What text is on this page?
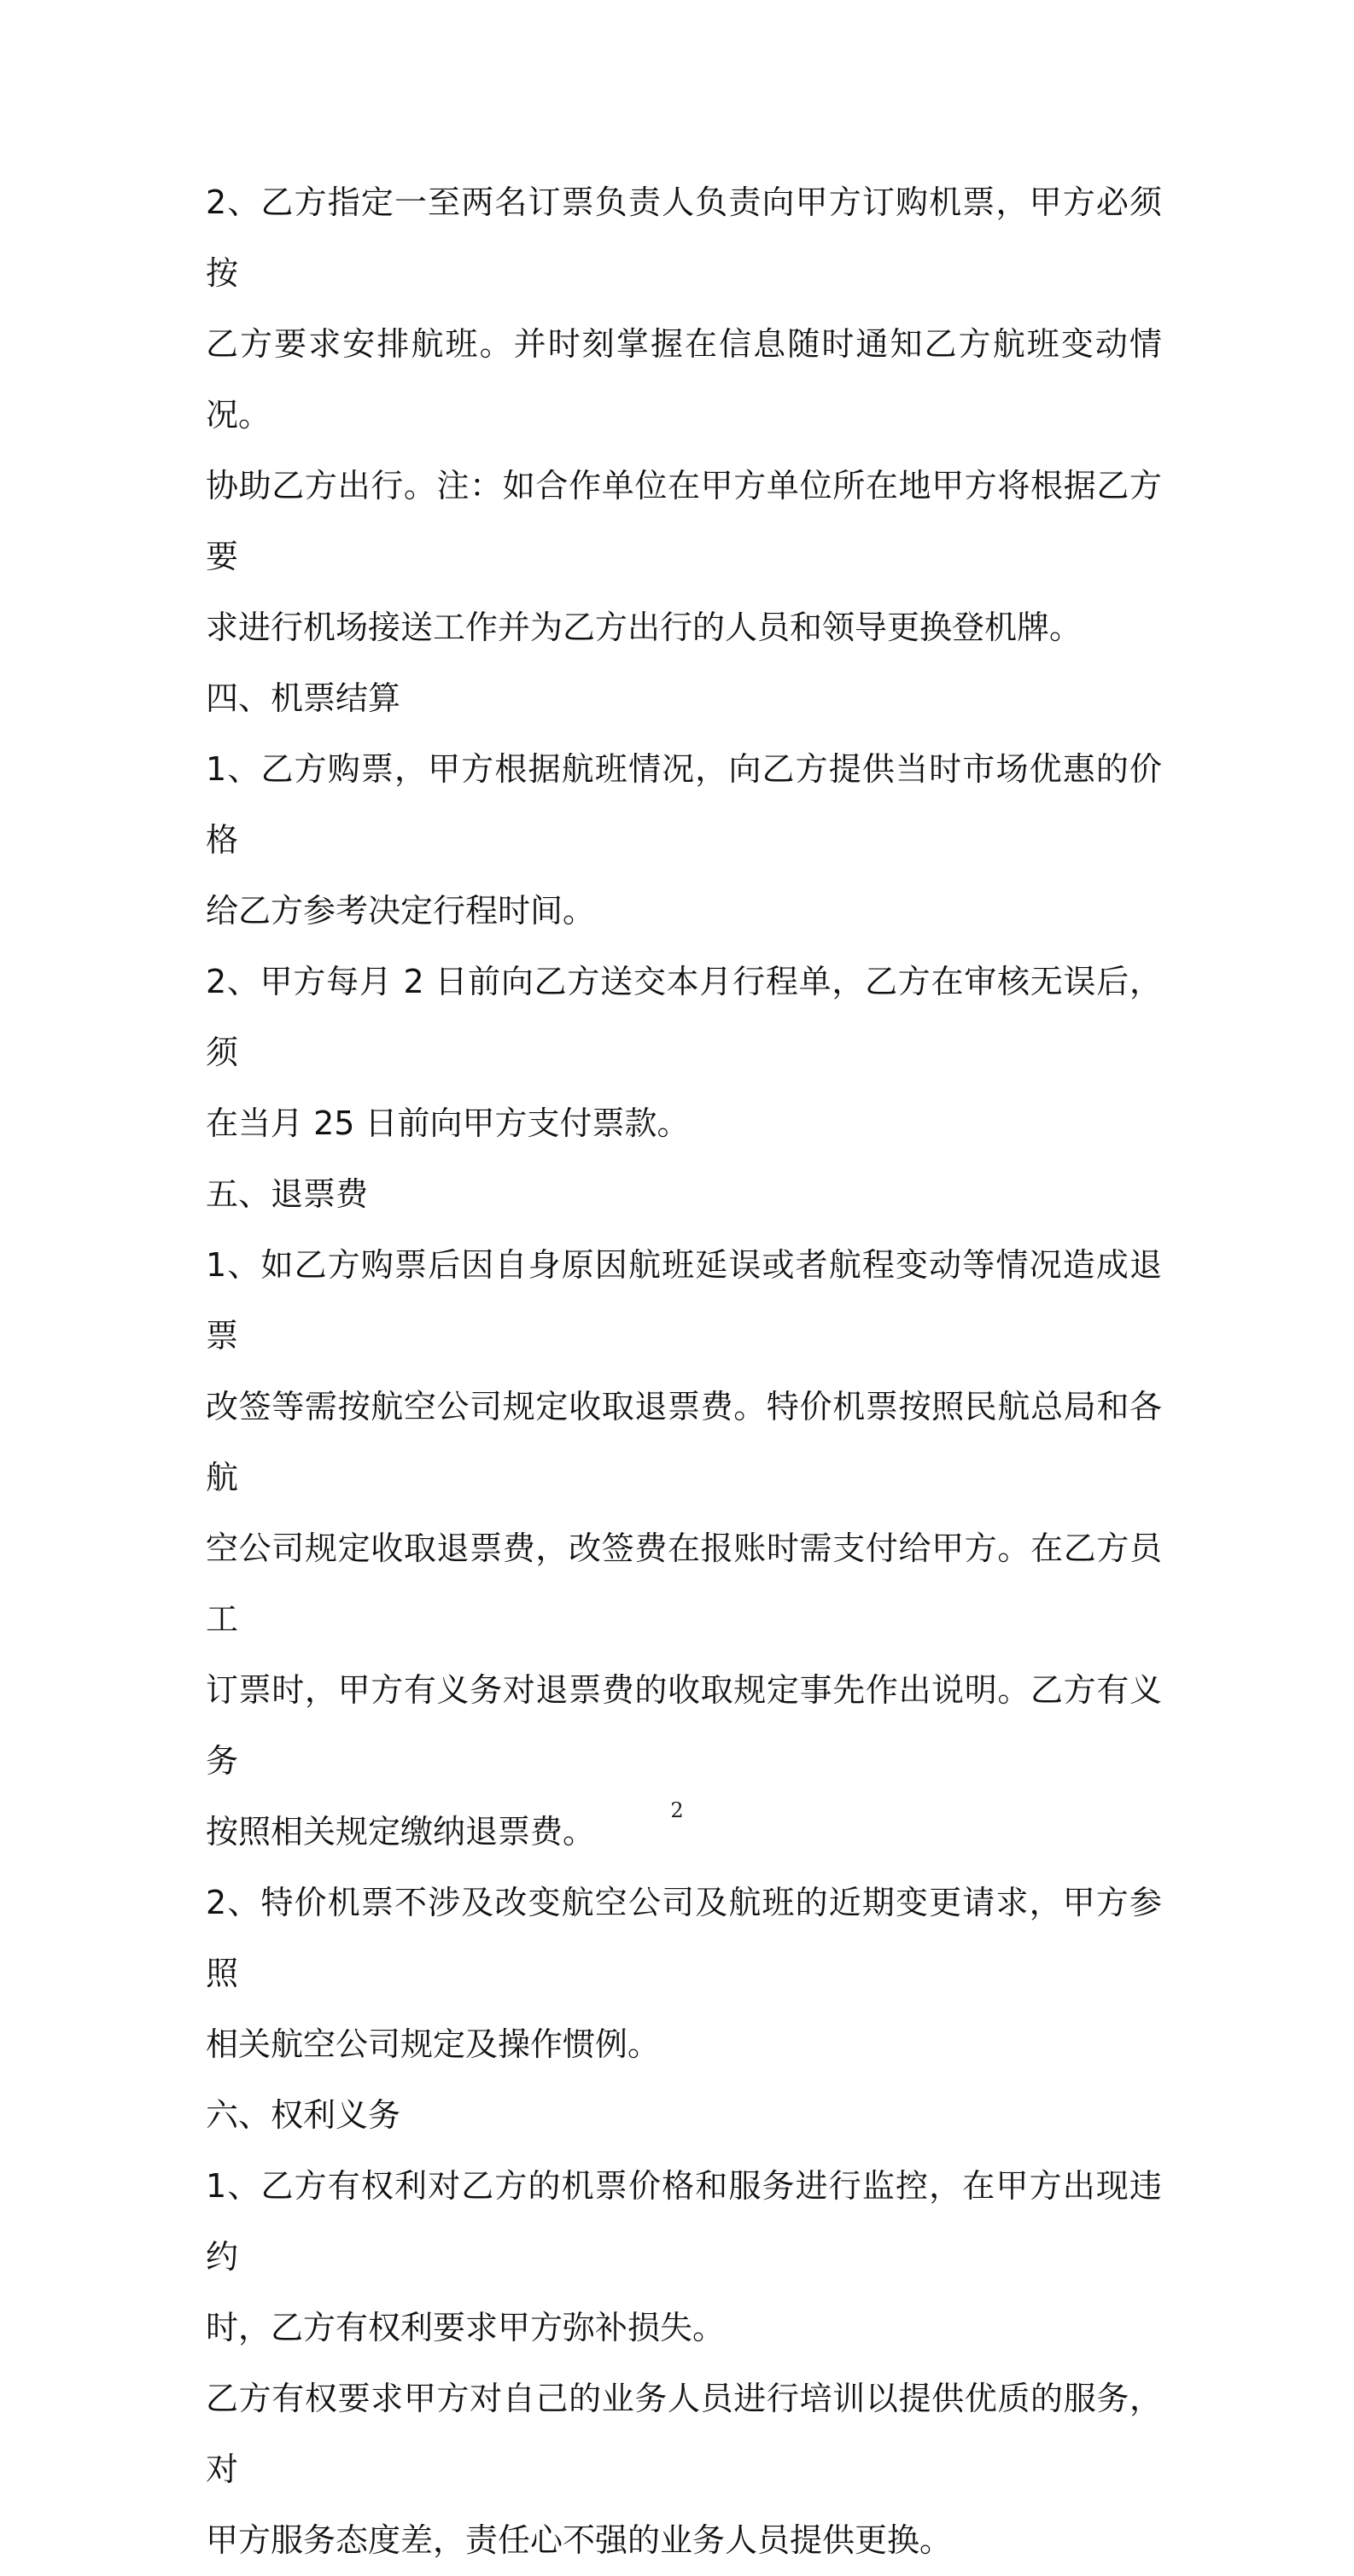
2、乙方指定一至两名订票负责人负责向甲方订购机票，甲方必须按

乙方要求安排航班。并时刻掌握在信息随时通知乙方航班变动情况。

协助乙方出行。注：如合作单位在甲方单位所在地甲方将根据乙方要

求进行机场接送工作并为乙方出行的人员和领导更换登机牌。

四、机票结算

1、乙方购票，甲方根据航班情况，向乙方提供当时市场优惠的价格

给乙方参考决定行程时间。

2、甲方每月 2 日前向乙方送交本月行程单，乙方在审核无误后，须

在当月 25 日前向甲方支付票款。

五、退票费

1、如乙方购票后因自身原因航班延误或者航程变动等情况造成退票

改签等需按航空公司规定收取退票费。特价机票按照民航总局和各航

空公司规定收取退票费，改签费在报账时需支付给甲方。在乙方员工

订票时，甲方有义务对退票费的收取规定事先作出说明。乙方有义务

按照相关规定缴纳退票费。

2、特价机票不涉及改变航空公司及航班的近期变更请求，甲方参照

相关航空公司规定及操作惯例。

六、权利义务

1、乙方有权利对乙方的机票价格和服务进行监控，在甲方出现违约

时，乙方有权利要求甲方弥补损失。

乙方有权要求甲方对自己的业务人员进行培训以提供优质的服务，对

甲方服务态度差，责任心不强的业务人员提供更换。

2
